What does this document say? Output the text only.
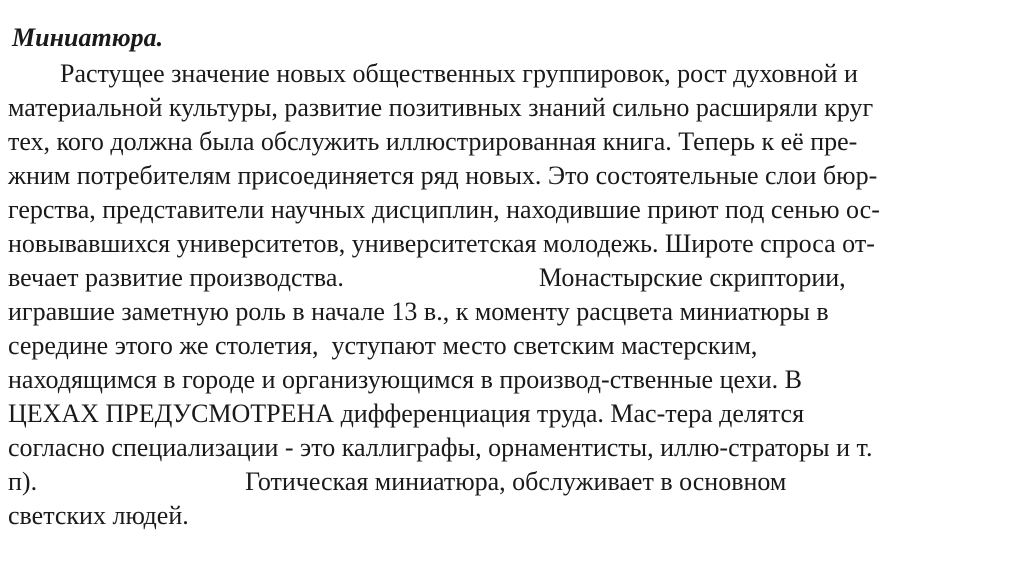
Миниатюра.
Растущее значение новых общественных группировок, рост духовной и
материальной культуры, развитие позитивных знаний сильно расширяли круг
тех, кого должна была обслужить иллюстрированная книга. Теперь к её пре-
жним потребителям присоединяется ряд новых. Это состоятельные слои бюр-
герства, представители научных дисциплин, находившие приют под сенью ос-
новывавшихся университетов, университетская молодежь. Широте спроса от-
вечает развитие производства.                              Монастырские скриптории,
игравшие заметную роль в начале 13 в., к моменту расцвета миниатюры в
середине этого же столетия,  уступают место светским мастерским,
находящимся в городе и организующимся в производ-ственные цехи. В
ЦЕХАХ ПРЕДУСМОТРЕНА дифференциация труда. Мас-тера делятся
согласно специализации - это каллиграфы, орнаментисты, иллю-страторы и т.
п).                                Готическая миниатюра, обслуживает в основном
светских людей.
